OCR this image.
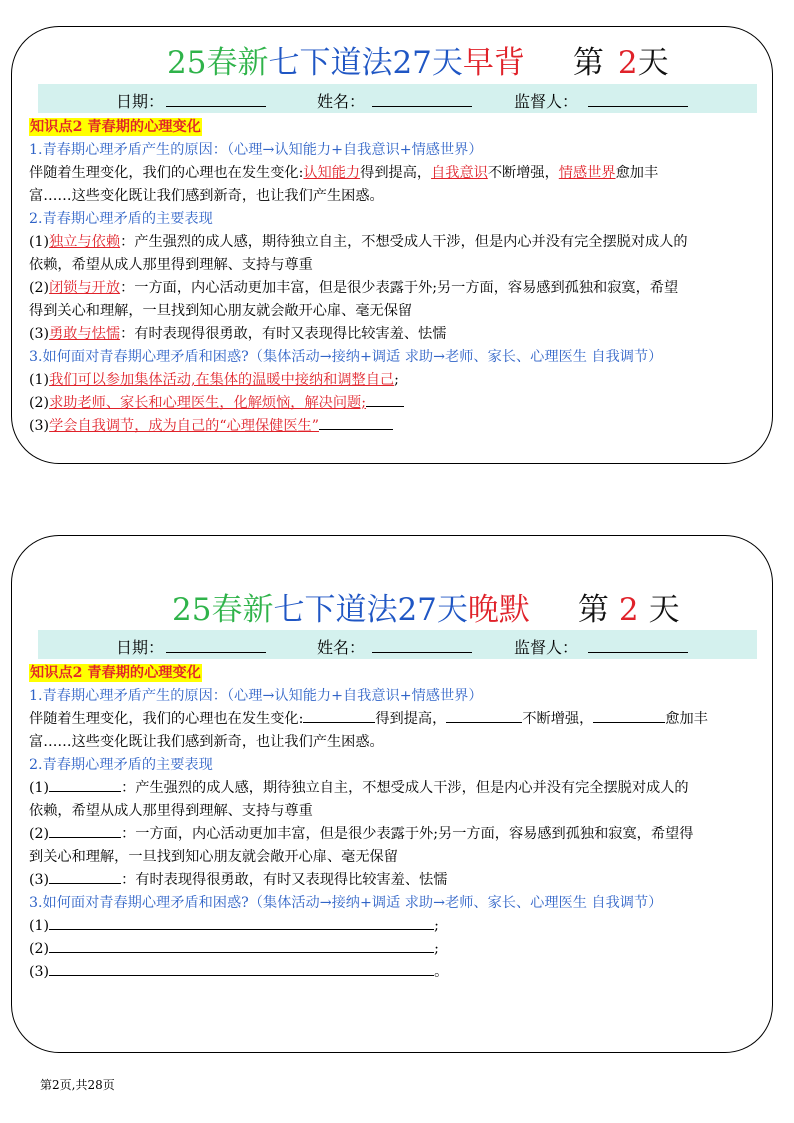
25春新七下道法27天早背 第 2天
日期：	姓名：	监督人：
知识点2 青春期的心理变化
1.青春期心理矛盾产生的原因：（心理→认知能力+自我意识+情感世界）
伴随着生理变化，我们的心理也在发生变化:认知能力得到提高，自我意识不断增强，情感世界愈加丰
富……这些变化既让我们感到新奇，也让我们产生困惑。
2.青春期心理矛盾的主要表现
(1)独立与依赖：产生强烈的成人感，期待独立自主，不想受成人干涉，但是内心并没有完全摆脱对成人的
依赖，希望从成人那里得到理解、支持与尊重
(2)闭锁与开放：一方面，内心活动更加丰富，但是很少表露于外;另一方面，容易感到孤独和寂寞，希望
得到关心和理解，一旦找到知心朋友就会敞开心扉、毫无保留
(3)勇敢与怯懦：有时表现得很勇敢，有时又表现得比较害羞、怯懦
3.如何面对青春期心理矛盾和困惑?（集体活动→接纳+调适 求助→老师、家长、心理医生 自我调节）
(1)我们可以参加集体活动,在集体的温暖中接纳和调整自己;
(2)求助老师、家长和心理医生，化解烦恼，解决问题;
(3)学会自我调节，成为自己的“心理保健医生”
25春新七下道法27天晚默 第 2 天
日期：	姓名：	监督人：
知识点2 青春期的心理变化
1.青春期心理矛盾产生的原因：（心理→认知能力+自我意识+情感世界）
伴随着生理变化，我们的心理也在发生变化:	得到提高，	不断增强，	愈加丰
富……这些变化既让我们感到新奇，也让我们产生困惑。
2.青春期心理矛盾的主要表现
(1)	：产生强烈的成人感，期待独立自主，不想受成人干涉，但是内心并没有完全摆脱对成人的
依赖，希望从成人那里得到理解、支持与尊重
(2)	：一方面，内心活动更加丰富，但是很少表露于外;另一方面，容易感到孤独和寂寞，希望得
到关心和理解，一旦找到知心朋友就会敞开心扉、毫无保留
(3)	：有时表现得很勇敢，有时又表现得比较害羞、怯懦
3.如何面对青春期心理矛盾和困惑?（集体活动→接纳+调适 求助→老师、家长、心理医生 自我调节）
(1)	;
(2)	;
(3)	。
第2页,共28页
